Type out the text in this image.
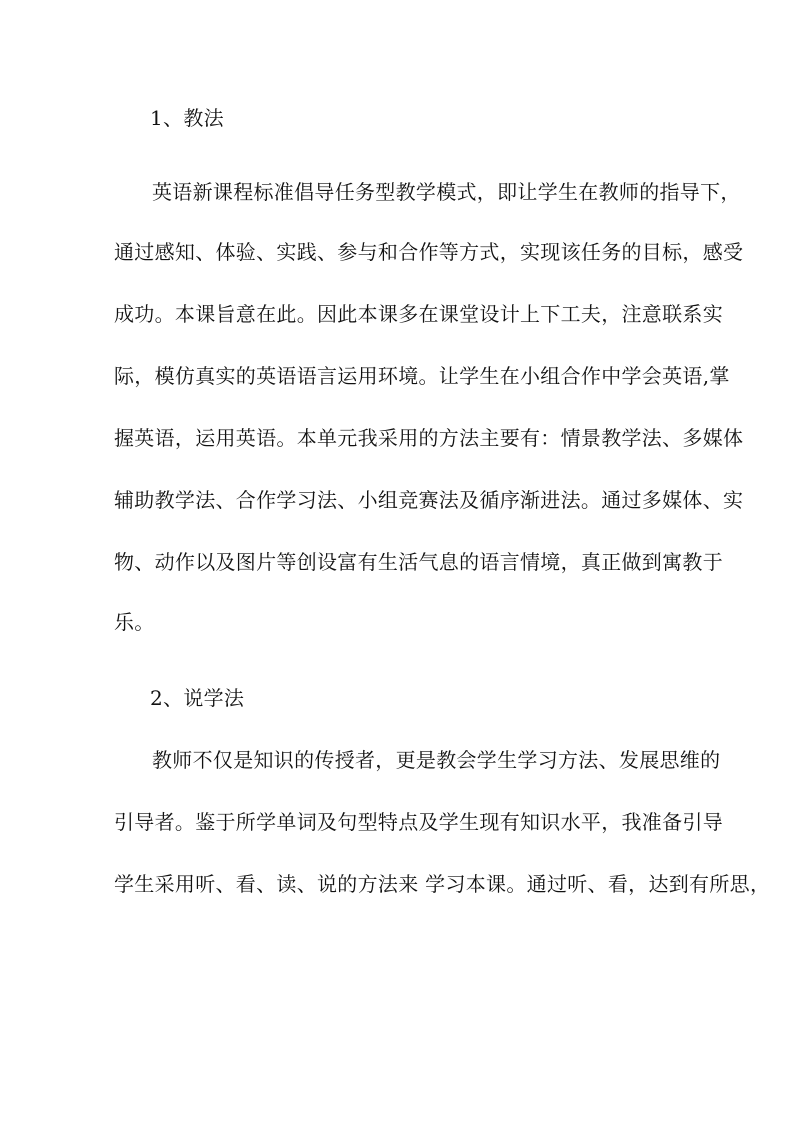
1、教法
英语新课程标准倡导任务型教学模式，即让学生在教师的指导下，
通过感知、体验、实践、参与和合作等方式，实现该任务的目标，感受
成功。本课旨意在此。因此本课多在课堂设计上下工夫，注意联系实
际，模仿真实的英语语言运用环境。让学生在小组合作中学会英语,掌
握英语，运用英语。本单元我采用的方法主要有：情景教学法、多媒体
辅助教学法、合作学习法、小组竞赛法及循序渐进法。通过多媒体、实
物、动作以及图片等创设富有生活气息的语言情境，真正做到寓教于
乐。
2、说学法
教师不仅是知识的传授者，更是教会学生学习方法、发展思维的
引导者。鉴于所学单词及句型特点及学生现有知识水平，我准备引导
学生采用听、看、读、说的方法来 学习本课。通过听、看，达到有所思，
